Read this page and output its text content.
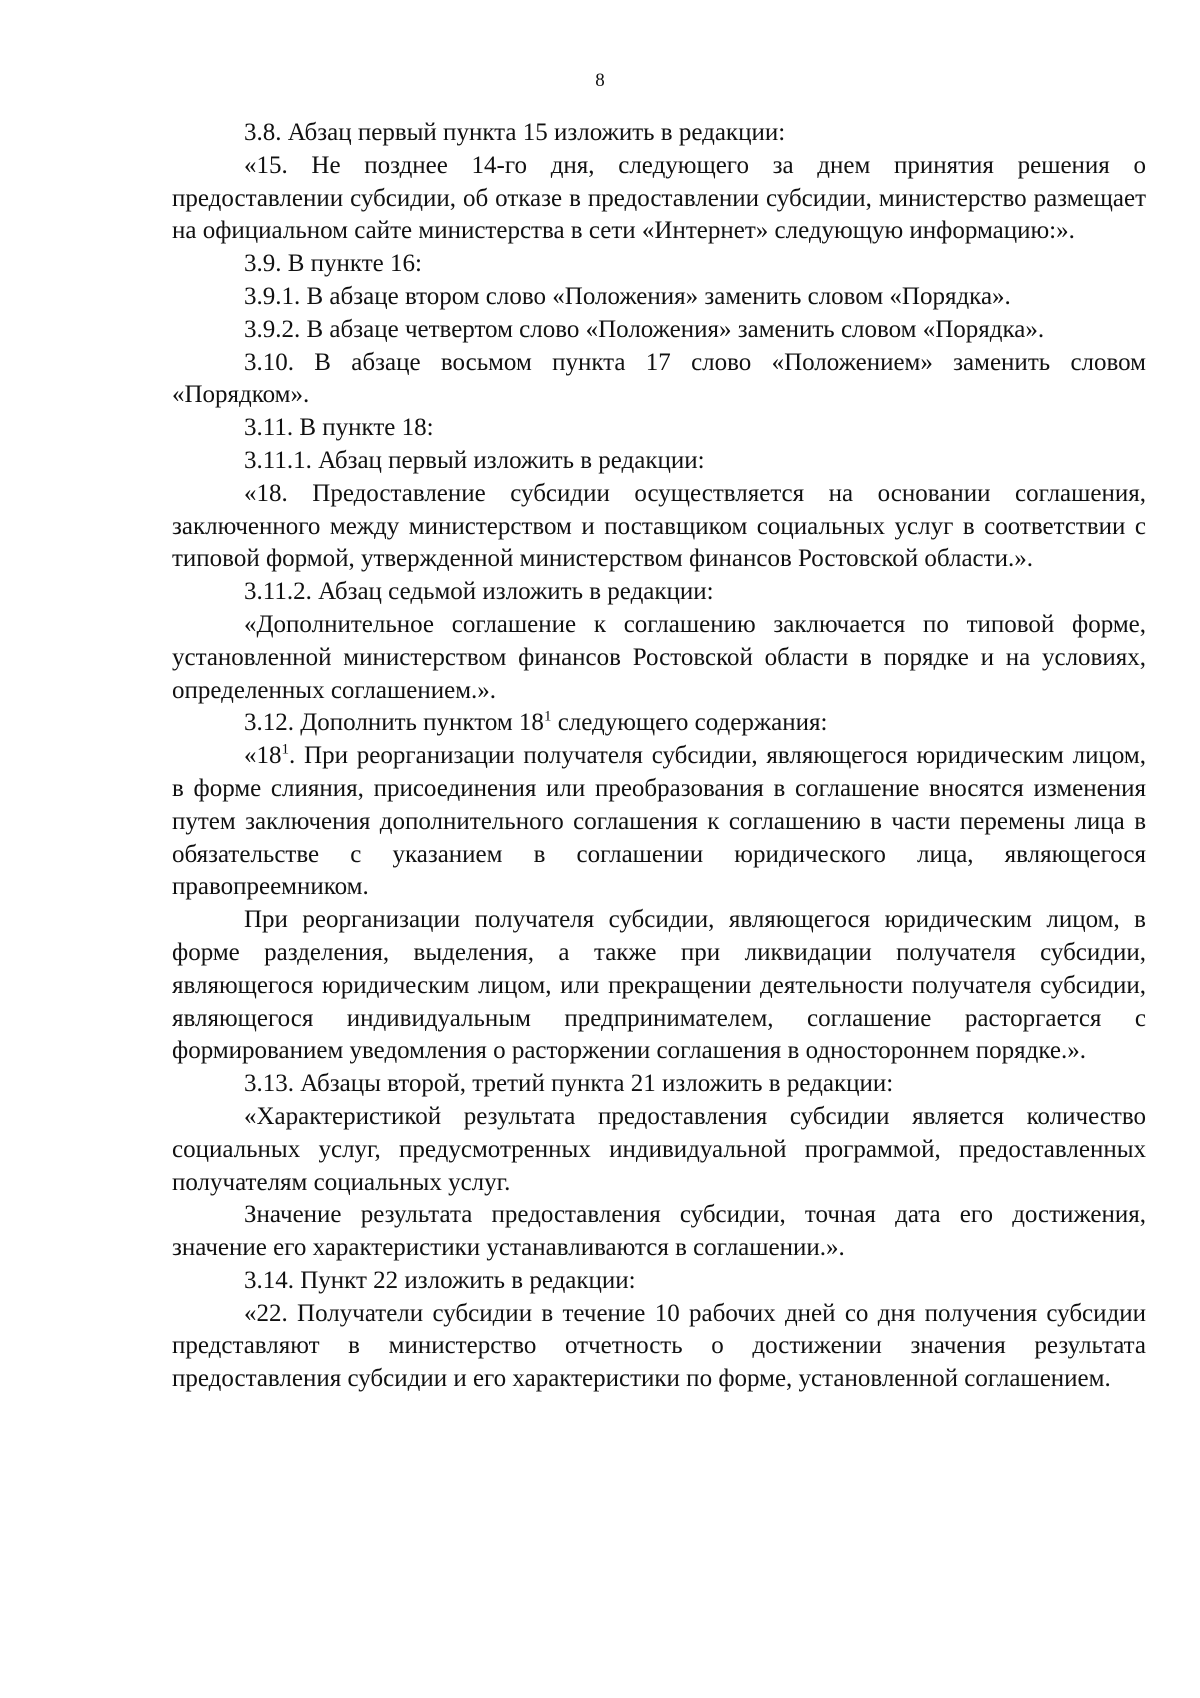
8

3.8. Абзац первый пункта 15 изложить в редакции:

«15. Не позднее 14-го дня, следующего за днем принятия решения о предоставлении субсидии, об отказе в предоставлении субсидии, министерство размещает на официальном сайте министерства в сети «Интернет» следующую информацию:».

3.9. В пункте 16:

3.9.1. В абзаце втором слово «Положения» заменить словом «Порядка».

3.9.2. В абзаце четвертом слово «Положения» заменить словом «Порядка».

3.10. В абзаце восьмом пункта 17 слово «Положением» заменить словом «Порядком».

3.11. В пункте 18:

3.11.1. Абзац первый изложить в редакции:

«18. Предоставление субсидии осуществляется на основании соглашения, заключенного между министерством и поставщиком социальных услуг в соответствии с типовой формой, утвержденной министерством финансов Ростовской области.».

3.11.2. Абзац седьмой изложить в редакции:

«Дополнительное соглашение к соглашению заключается по типовой форме, установленной министерством финансов Ростовской области в порядке и на условиях, определенных соглашением.».

3.12. Дополнить пунктом $18^1$ следующего содержания:

«$18^1$. При реорганизации получателя субсидии, являющегося юридическим лицом, в форме слияния, присоединения или преобразования в соглашение вносятся изменения путем заключения дополнительного соглашения к соглашению в части перемены лица в обязательстве с указанием в соглашении юридического лица, являющегося правопреемником.

При реорганизации получателя субсидии, являющегося юридическим лицом, в форме разделения, выделения, а также при ликвидации получателя субсидии, являющегося юридическим лицом, или прекращении деятельности получателя субсидии, являющегося индивидуальным предпринимателем, соглашение расторгается с формированием уведомления о расторжении соглашения в одностороннем порядке.».

3.13. Абзацы второй, третий пункта 21 изложить в редакции:

«Характеристикой результата предоставления субсидии является количество социальных услуг, предусмотренных индивидуальной программой, предоставленных получателям социальных услуг.

Значение результата предоставления субсидии, точная дата его достижения, значение его характеристики устанавливаются в соглашении.».

3.14. Пункт 22 изложить в редакции:

«22. Получатели субсидии в течение 10 рабочих дней со дня получения субсидии представляют в министерство отчетность о достижении значения результата предоставления субсидии и его характеристики по форме, установленной соглашением.
